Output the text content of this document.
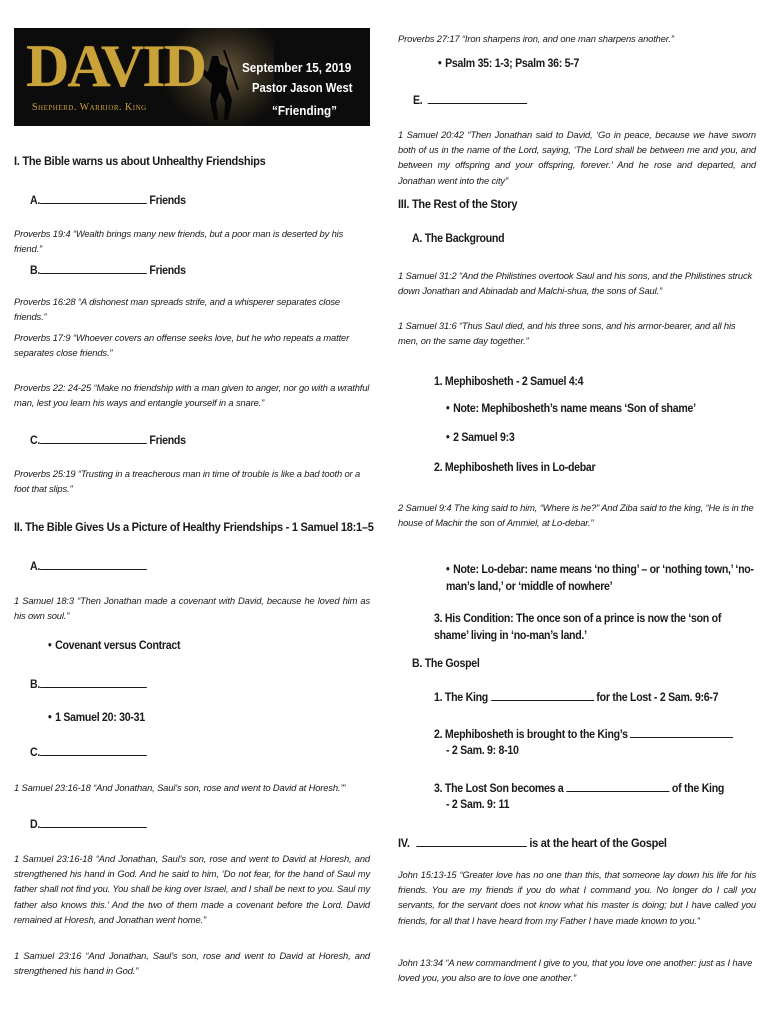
DAVID
Shepherd. Warrior. King
September 15, 2019
Pastor Jason West
“Friending”
I. The Bible warns us about Unhealthy Friendships
A.	Friends
Proverbs 19:4 “Wealth brings many new friends, but a poor man is deserted by his friend.”
B.	Friends
Proverbs 16:28 “A dishonest man spreads strife, and a whisperer separates close friends.”
Proverbs 17:9 “Whoever covers an offense seeks love, but he who repeats a matter separates close friends.”
Proverbs 22: 24-25 “Make no friendship with a man given to anger, nor go with a wrathful man, lest you learn his ways and entangle yourself in a snare.”
C.	Friends
Proverbs 25:19 “Trusting in a treacherous man in time of trouble is like a bad tooth or a foot that slips.”
II. The Bible Gives Us a Picture of Healthy Friendships - 1 Samuel 18:1–5
A.
1 Samuel 18:3 “Then Jonathan made a covenant with David, because he loved him as his own soul.”
• Covenant versus Contract
B.
• 1 Samuel 20: 30-31
C.
1 Samuel 23:16-18 “And Jonathan, Saul’s son, rose and went to David at Horesh.’”
D.
1 Samuel 23:16-18 “And Jonathan, Saul’s son, rose and went to David at Horesh, and strengthened his hand in God. And he said to him, ‘Do not fear, for the hand of Saul my father shall not find you. You shall be king over Israel, and I shall be next to you. Saul my father also knows this.’ And the two of them made a covenant before the Lord. David remained at Horesh, and Jonathan went home.”
1 Samuel 23:16 “And Jonathan, Saul’s son, rose and went to David at Horesh, and strengthened his hand in God.”
Proverbs 27:17 “Iron sharpens iron, and one man sharpens another.”
• Psalm 35: 1-3; Psalm 36: 5-7
E.
1 Samuel 20:42 “Then Jonathan said to David, ‘Go in peace, because we have sworn both of us in the name of the Lord, saying, ‘The Lord shall be between me and you, and between my offspring and your offspring, forever.’ And he rose and departed, and Jonathan went into the city”
III. The Rest of the Story
A. The Background
1 Samuel 31:2 “And the Philistines overtook Saul and his sons, and the Philistines struck down Jonathan and Abinadab and Malchi-shua, the sons of Saul.”
1 Samuel 31:6 “Thus Saul died, and his three sons, and his armor-bearer, and all his men, on the same day together.”
1. Mephibosheth - 2 Samuel 4:4
• Note: Mephibosheth’s name means ‘Son of shame’
• 2 Samuel 9:3
2. Mephibosheth lives in Lo-debar
2 Samuel 9:4 The king said to him, “Where is he?” And Ziba said to the king, “He is in the house of Machir the son of Ammiel, at Lo-debar.”
• Note: Lo-debar: name means ‘no thing’ – or ‘nothing town,’ ‘no-man’s land,’ or ‘middle of nowhere’
3. His Condition: The once son of a prince is now the ‘son of shame’ living in ‘no-man’s land.’
B. The Gospel
1. The King	for the Lost - 2 Sam. 9:6-7
2. Mephibosheth is brought to the King’s
- 2 Sam. 9: 8-10
3. The Lost Son becomes a	of the King
- 2 Sam. 9: 11
IV.	is at the heart of the Gospel
John 15:13-15 “Greater love has no one than this, that someone lay down his life for his friends. You are my friends if you do what I command you. No longer do I call you servants, for the servant does not know what his master is doing; but I have called you friends, for all that I have heard from my Father I have made known to you.”
John 13:34 “A new commandment I give to you, that you love one another: just as I have loved you, you also are to love one another.”
